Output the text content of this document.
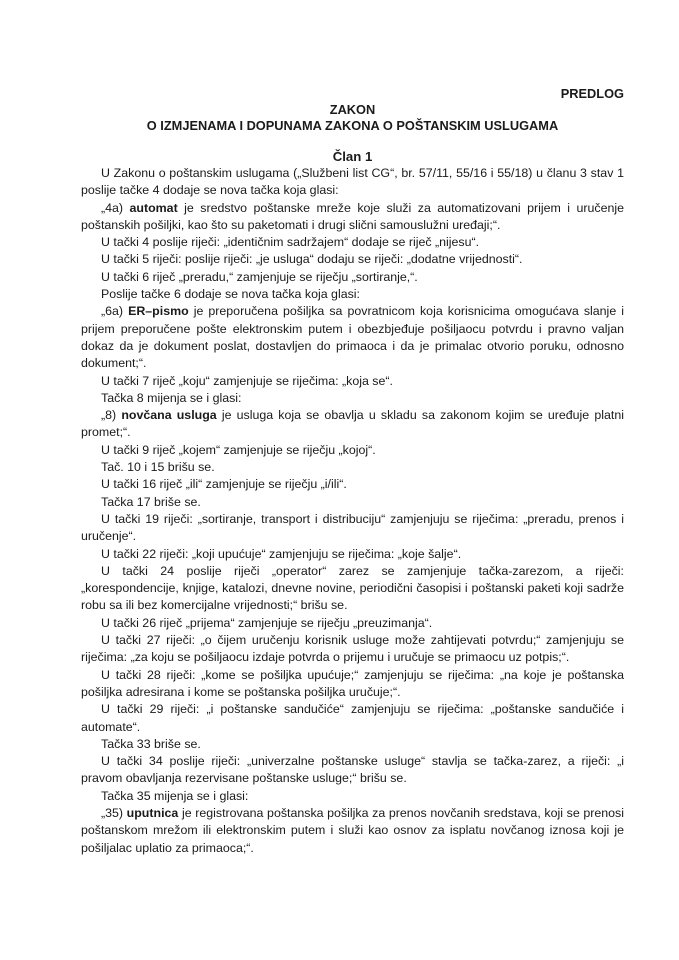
PREDLOG
ZAKON
O IZMJENAMA I DOPUNAMA ZAKONA O POŠTANSKIM USLUGAMA
Član 1

U Zakonu o poštanskim uslugama („Službeni list CG“, br. 57/11, 55/16 i 55/18) u članu 3 stav 1 poslije tačke 4 dodaje se nova tačka koja glasi:

„4a) automat je sredstvo poštanske mreže koje služi za automatizovani prijem i uručenje poštanskih pošiljki, kao što su paketomati i drugi slični samouslužni uređaji;“.

U tački 4 poslije riječi: „identičnim sadržajem“ dodaje se riječ „nijesu“.

U tački 5 riječi: poslije riječi: „je usluga“ dodaju se riječi: „dodatne vrijednosti“.

U tački 6 riječ „preradu,“ zamjenjuje se riječju „sortiranje,“.

Poslije tačke 6 dodaje se nova tačka koja glasi:

„6a) ER–pismo je preporučena pošiljka sa povratnicom koja korisnicima omogućava slanje i prijem preporučene pošte elektronskim putem i obezbjeđuje pošiljaocu potvrdu i pravno valjan dokaz da je dokument poslat, dostavljen do primaoca i da je primalac otvorio poruku, odnosno dokument;“.

U tački 7 riječ „koju“ zamjenjuje se riječima: „koja se“.

Tačka 8 mijenja se i glasi:

„8) novčana usluga je usluga koja se obavlja u skladu sa zakonom kojim se uređuje platni promet;“.

U tački 9 riječ „kojem“ zamjenjuje se riječju „kojoj“.

Tač. 10 i 15 brišu se.

U tački 16 riječ „ili“ zamjenjuje se riječju „i/ili“.

Tačka 17 briše se.

U tački 19 riječi: „sortiranje, transport i distribuciju“ zamjenjuju se riječima: „preradu, prenos i uručenje“.

U tački 22 riječi: „koji upućuje“ zamjenjuju se riječima: „koje šalje“.

U tački 24 poslije riječi „operator“ zarez se zamjenjuje tačka-zarezom, a riječi: „korespondencije, knjige, katalozi, dnevne novine, periodični časopisi i poštanski paketi koji sadrže robu sa ili bez komercijalne vrijednosti;“ brišu se.

U tački 26 riječ „prijema“ zamjenjuje se riječju „preuzimanja“.

U tački 27 riječi: „o čijem uručenju korisnik usluge može zahtijevati potvrdu;“ zamjenjuju se riječima: „za koju se pošiljaocu izdaje potvrda o prijemu i uručuje se primaocu uz potpis;“.

U tački 28 riječi: „kome se pošiljka upućuje;“ zamjenjuju se riječima: „na koje je poštanska pošiljka adresirana i kome se poštanska pošiljka uručuje;“.

U tački 29 riječi: „i poštanske sandučiće“ zamjenjuju se riječima: „poštanske sandučiće i automate“.

Tačka 33 briše se.

U tački 34 poslije riječi: „univerzalne poštanske usluge“ stavlja se tačka-zarez, a riječi: „i pravom obavljanja rezervisane poštanske usluge;“ brišu se.

Tačka 35 mijenja se i glasi:

„35) uputnica je registrovana poštanska pošiljka za prenos novčanih sredstava, koji se prenosi poštanskom mrežom ili elektronskim putem i služi kao osnov za isplatu novčanog iznosa koji je pošiljalac uplatio za primaoca;“.
